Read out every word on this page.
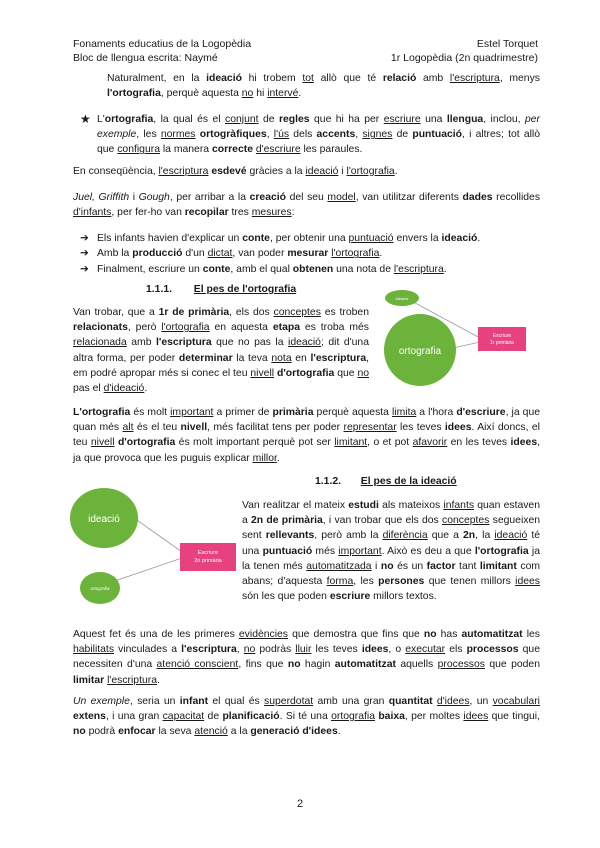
Fonaments educatius de la Logopèdia
Bloc de llengua escrita: Naymé
Estel Torquet
1r Logopèdia (2n quadrimestre)
Naturalment, en la ideació hi trobem tot allò que té relació amb l'escriptura, menys l'ortografia, perquè aquesta no hi intervé.
★ L'ortografia, la qual és el conjunt de regles que hi ha per escriure una llengua, inclou, per exemple, les normes ortogràfiques, l'ús dels accents, signes de puntuació, i altres; tot allò que configura la manera correcte d'escriure les paraules.
En conseqüència, l'escriptura esdevé gràcies a la ideació i l'ortografia.
Juel, Griffith i Gough, per arribar a la creació del seu model, van utilitzar diferents dades recollides d'infants, per fer-ho van recopilar tres mesures:
➔ Els infants havien d'explicar un conte, per obtenir una puntuació envers la ideació.
➔ Amb la producció d'un dictat, van poder mesurar l'ortografia.
➔ Finalment, escriure un conte, amb el qual obtenen una nota de l'escriptura.
1.1.1. El pes de l'ortografia
Van trobar, que a 1r de primària, els dos conceptes es troben relacionats, però l'ortografia en aquesta etapa es troba més relacionada amb l'escriptura que no pas la ideació; dit d'una altra forma, per poder determinar la teva nota en l'escriptura, em podré apropar més si conec el teu nivell d'ortografia que no pas el d'ideació.
ideació
ortografia
Escriure
1r primària
L'ortografia és molt important a primer de primària perquè aquesta limita a l'hora d'escriure, ja que quan més alt és el teu nivell, més facilitat tens per poder representar les teves idees. Així doncs, el teu nivell d'ortografia és molt important perquè pot ser limitant, o et pot afavorir en les teves idees, ja que provoca que les puguis explicar millor.
1.1.2. El pes de la ideació
ideació
ortografia
Escriure
2n primària
Van realitzar el mateix estudi als mateixos infants quan estaven a 2n de primària, i van trobar que els dos conceptes segueixen sent rellevants, però amb la diferència que a 2n, la ideació té una puntuació més important. Això es deu a que l'ortografia ja la tenen més automatitzada i no és un factor tant limitant com abans; d'aquesta forma, les persones que tenen millors idees són les que poden escriure millors textos.
Aquest fet és una de les primeres evidències que demostra que fins que no has automatitzat les habilitats vinculades a l'escriptura, no podràs lluir les teves idees, o executar els processos que necessiten d'una atenció conscient, fins que no hagin automatitzat aquells processos que poden limitar l'escriptura.
Un exemple, seria un infant el qual és superdotat amb una gran quantitat d'idees, un vocabulari extens, i una gran capacitat de planificació. Si té una ortografia baixa, per moltes idees que tingui, no podrà enfocar la seva atenció a la generació d'idees.
2
